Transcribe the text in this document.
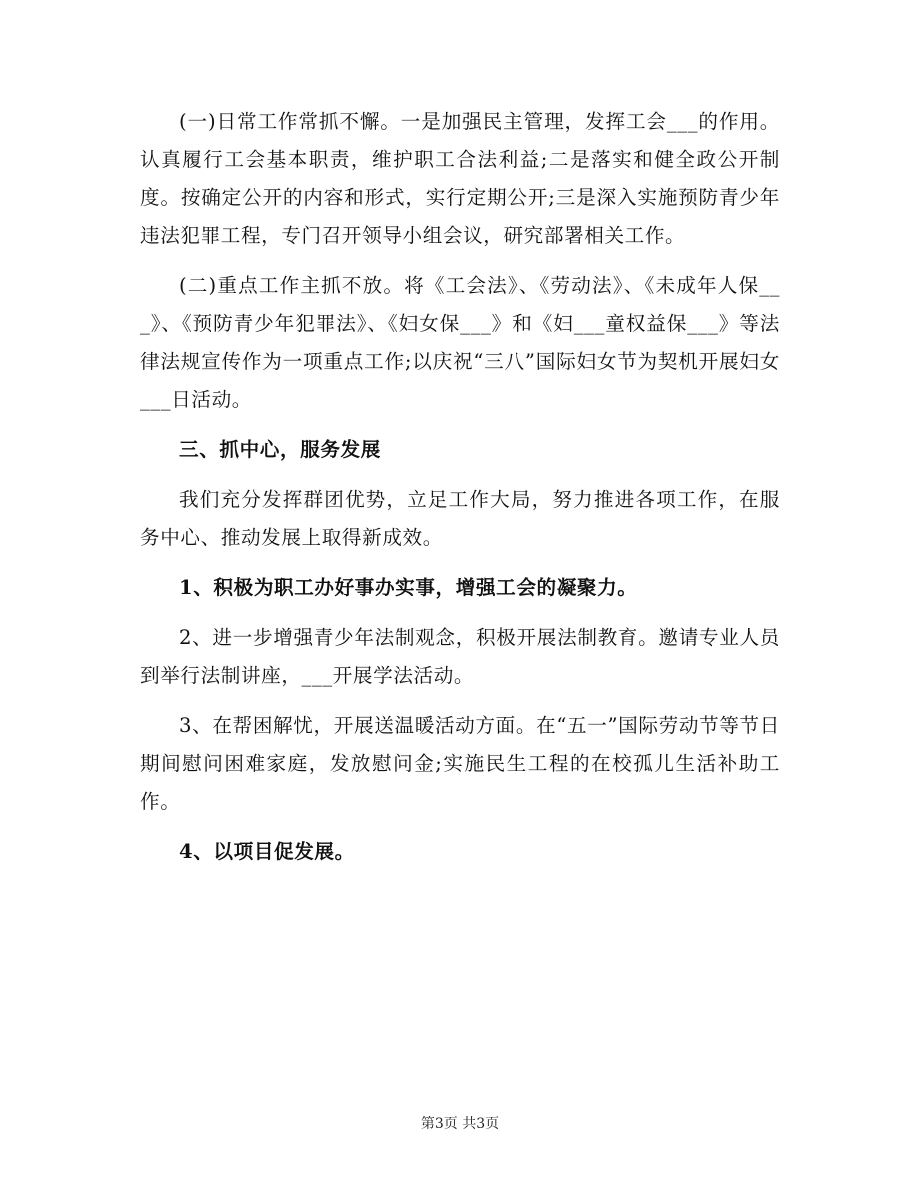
(一)日常工作常抓不懈。一是加强民主管理，发挥工会___的作用。认真履行工会基本职责，维护职工合法利益;二是落实和健全政公开制度。按确定公开的内容和形式，实行定期公开;三是深入实施预防青少年违法犯罪工程，专门召开领导小组会议，研究部署相关工作。

(二)重点工作主抓不放。将《工会法》、《劳动法》、《未成年人保___》、《预防青少年犯罪法》、《妇女保___》和《妇___童权益保___》等法律法规宣传作为一项重点工作;以庆祝“三八”国际妇女节为契机开展妇女___日活动。

三、抓中心，服务发展

我们充分发挥群团优势，立足工作大局，努力推进各项工作，在服务中心、推动发展上取得新成效。

1、积极为职工办好事办实事，增强工会的凝聚力。

2、进一步增强青少年法制观念，积极开展法制教育。邀请专业人员到举行法制讲座，___开展学法活动。

3、在帮困解忧，开展送温暖活动方面。在“五一”国际劳动节等节日期间慰问困难家庭，发放慰问金;实施民生工程的在校孤儿生活补助工作。

4、以项目促发展。

第3页 共3页
